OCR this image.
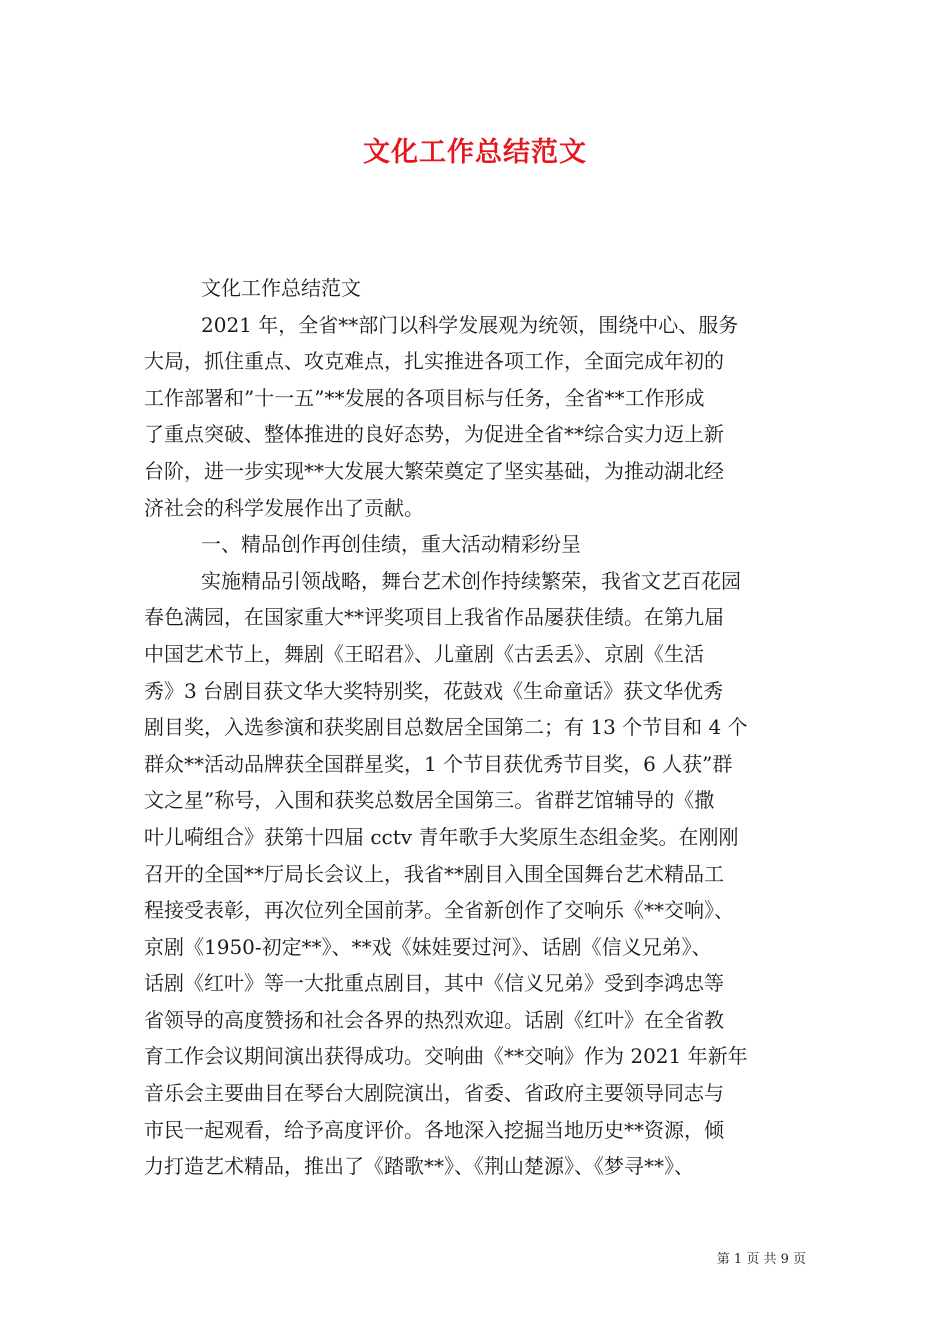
文化工作总结范文
文化工作总结范文
2021 年，全省**部门以科学发展观为统领，围绕中心、服务
大局，抓住重点、攻克难点，扎实推进各项工作，全面完成年初的
工作部署和”十一五”**发展的各项目标与任务，全省**工作形成
了重点突破、整体推进的良好态势，为促进全省**综合实力迈上新
台阶，进一步实现**大发展大繁荣奠定了坚实基础，为推动湖北经
济社会的科学发展作出了贡献。
一、精品创作再创佳绩，重大活动精彩纷呈
实施精品引领战略，舞台艺术创作持续繁荣，我省文艺百花园
春色满园，在国家重大**评奖项目上我省作品屡获佳绩。在第九届
中国艺术节上，舞剧《王昭君》、儿童剧《古丢丢》、京剧《生活
秀》3 台剧目获文华大奖特别奖，花鼓戏《生命童话》获文华优秀
剧目奖，入选参演和获奖剧目总数居全国第二；有 13 个节目和 4 个
群众**活动品牌获全国群星奖，1 个节目获优秀节目奖，6 人获”群
文之星”称号，入围和获奖总数居全国第三。省群艺馆辅导的《撒
叶儿嗬组合》获第十四届 cctv 青年歌手大奖原生态组金奖。在刚刚
召开的全国**厅局长会议上，我省**剧目入围全国舞台艺术精品工
程接受表彰，再次位列全国前茅。全省新创作了交响乐《**交响》、
京剧《1950-初定**》、**戏《妹娃要过河》、话剧《信义兄弟》、
话剧《红叶》等一大批重点剧目，其中《信义兄弟》受到李鸿忠等
省领导的高度赞扬和社会各界的热烈欢迎。话剧《红叶》在全省教
育工作会议期间演出获得成功。交响曲《**交响》作为 2021 年新年
音乐会主要曲目在琴台大剧院演出，省委、省政府主要领导同志与
市民一起观看，给予高度评价。各地深入挖掘当地历史**资源，倾
力打造艺术精品，推出了《踏歌**》、《荆山楚源》、《梦寻**》、
第 1 页 共 9 页
